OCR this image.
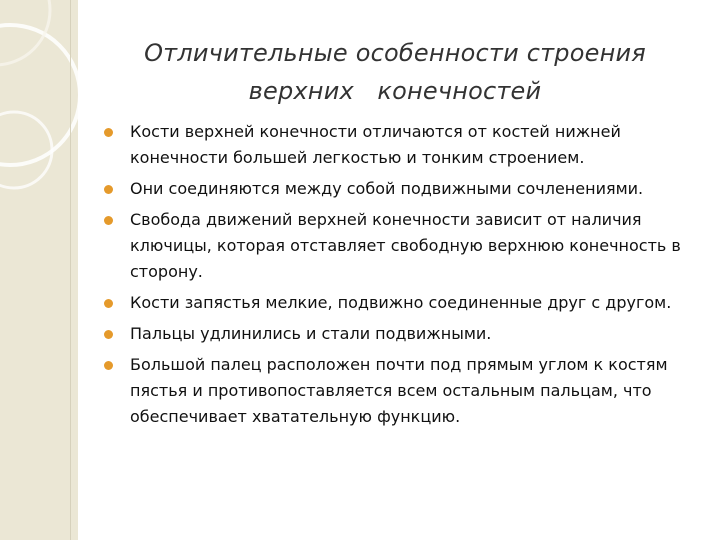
Отличительные особенности строения
верхних   конечностей
Кости верхней конечности отличаются от костей нижней конечности большей легкостью и тонким строением.
Они соединяются между собой подвижными сочленениями.
Свобода движений верхней конечности зависит от наличия ключицы, которая отставляет свободную верхнюю конечность в сторону.
Кости запястья мелкие, подвижно соединенные друг с другом.
Пальцы удлинились и стали подвижными.
Большой палец расположен почти под прямым углом к костям пястья и противопоставляется всем остальным пальцам, что обеспечивает хватательную функцию.
